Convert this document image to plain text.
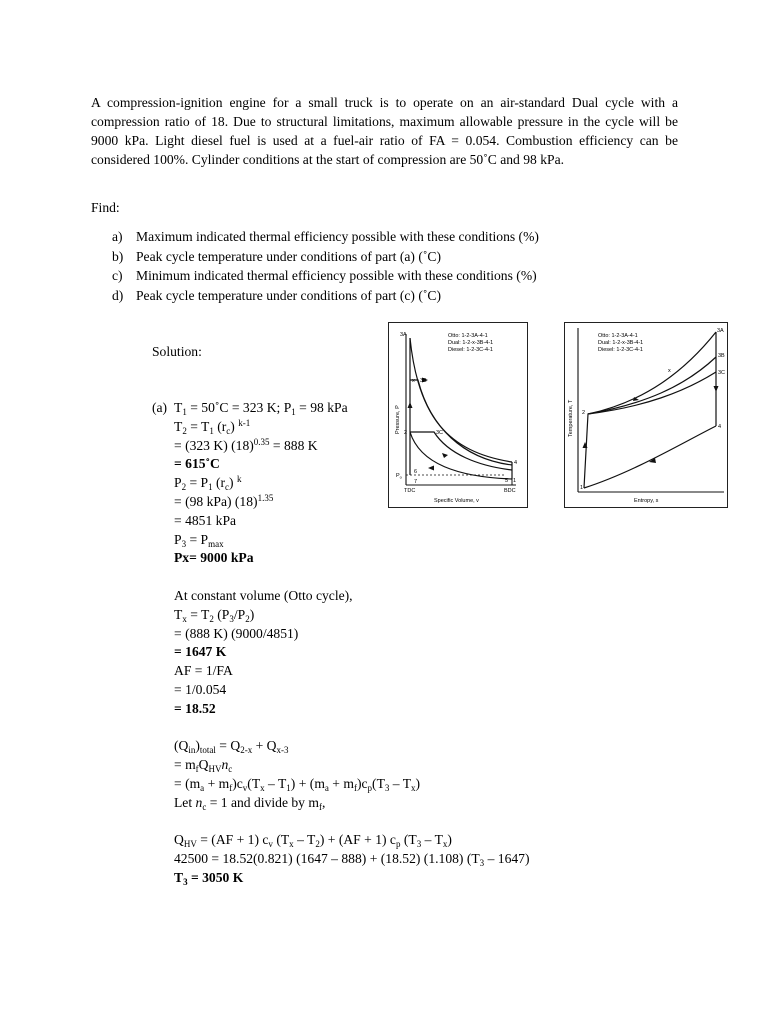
A compression-ignition engine for a small truck is to operate on an air-standard Dual cycle with a compression ratio of 18. Due to structural limitations, maximum allowable pressure in the cycle will be 9000 kPa. Light diesel fuel is used at a fuel-air ratio of FA = 0.054. Combustion efficiency can be considered 100%. Cylinder conditions at the start of compression are 50˚C and 98 kPa.
Find:
a) Maximum indicated thermal efficiency possible with these conditions (%)
b) Peak cycle temperature under conditions of part (a) (˚C)
c) Minimum indicated thermal efficiency possible with these conditions (%)
d) Peak cycle temperature under conditions of part (c) (˚C)
3A
x 3B
2	3C
4
5 1
6
7
$P_o$
TDC	BDC
Specific Volume, v
Pressure, P
Otto: 1-2-3A-4-1
Dual: 1-2-x-3B-4-1
Diesel: 1-2-3C-4-1
3A
3B
3C
x
2
4
1
Entropy, s
Temperature, T
Otto: 1-2-3A-4-1
Dual: 1-2-x-3B-4-1
Diesel: 1-2-3C-4-1
Solution:
(a) $T_1$ = 50˚C = 323 K; $P_1 = 98$ kPa
$T_2 = T_1$ $(r_c)$ $^{k-1}$
= (323 K) $(18)^{0.35} = 888$ K
= 615˚C
$P_2 = P_1$ $(r_c)$ $^k$
= (98 kPa) $(18)^{1.35}$
= 4851 kPa
$P_3 = P_{max}$
Px= 9000 kPa
At constant volume (Otto cycle),
$T_x = T_2$ $(P_3/P_2)$
= (888 K) (9000/4851)
= 1647 K
AF = 1/FA
= 1/0.054
= 18.52
$(Q_{in})_{total} = Q_{2-x} + Q_{x-3}$
= $m_fQ_{HV}n_c$
= $(m_a + m_f)c_v(T_x - T_1) + (m_a + m_f)c_p(T_3 - T_x)$
Let $n_c = 1$ and divide by $m_f$,
$Q_{HV} = (AF + 1)$ $c_v$ $(T_x - T_2) + (AF + 1)$ $c_p$ $(T_3 - T_x)$
42500 = 18.52(0.821) (1647 – 888) + (18.52) (1.108) $(T_3 - 1647)$
$T_3 = 3050$ K
